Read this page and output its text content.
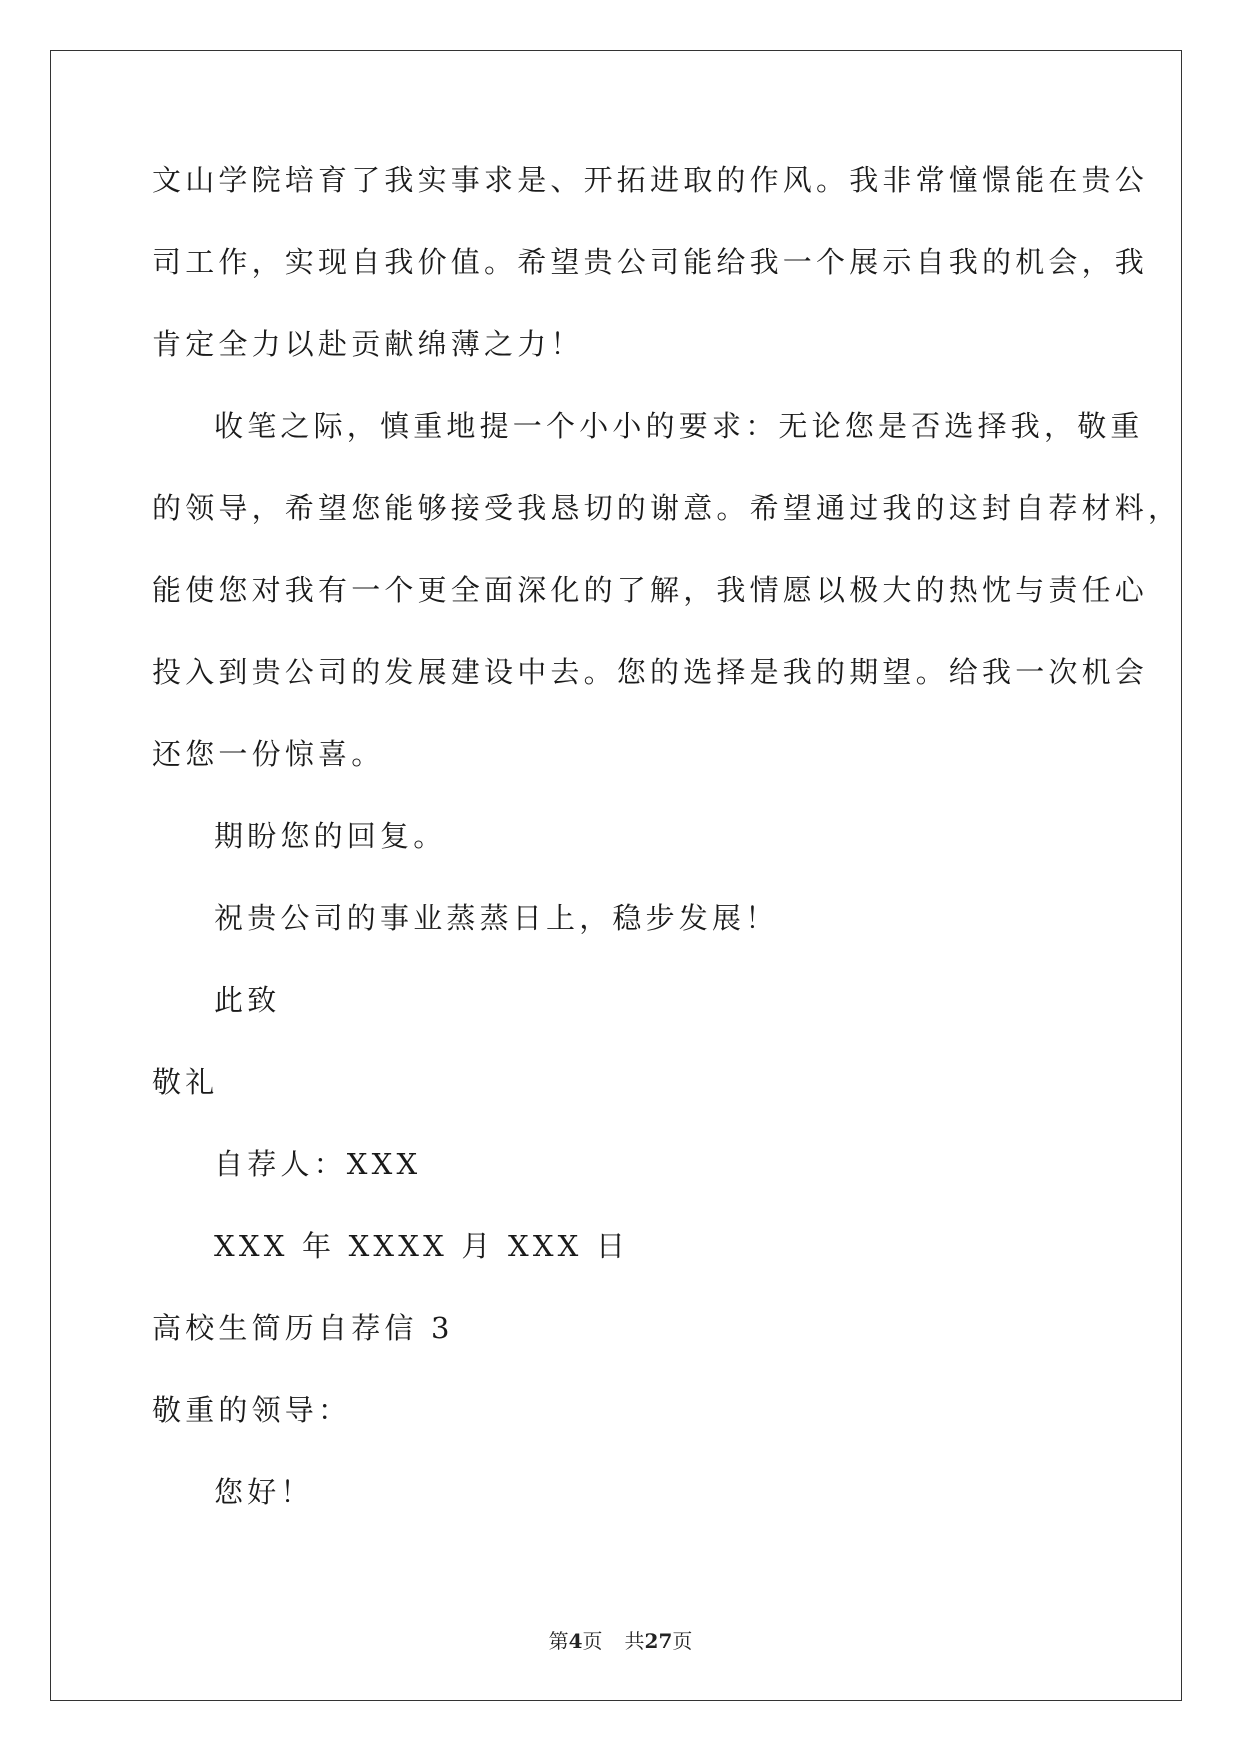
文山学院培育了我实事求是、开拓进取的作风。我非常憧憬能在贵公
司工作，实现自我价值。希望贵公司能给我一个展示自我的机会，我
肯定全力以赴贡献绵薄之力！
收笔之际，慎重地提一个小小的要求：无论您是否选择我，敬重
的领导，希望您能够接受我恳切的谢意。希望通过我的这封自荐材料，
能使您对我有一个更全面深化的了解，我情愿以极大的热忱与责任心
投入到贵公司的发展建设中去。您的选择是我的期望。给我一次机会
还您一份惊喜。
期盼您的回复。
祝贵公司的事业蒸蒸日上，稳步发展！
此致
敬礼
自荐人：XXX
XXX 年 XXXX 月 XXX 日
高校生简历自荐信 3
敬重的领导：
您好！
第4页 共27页
